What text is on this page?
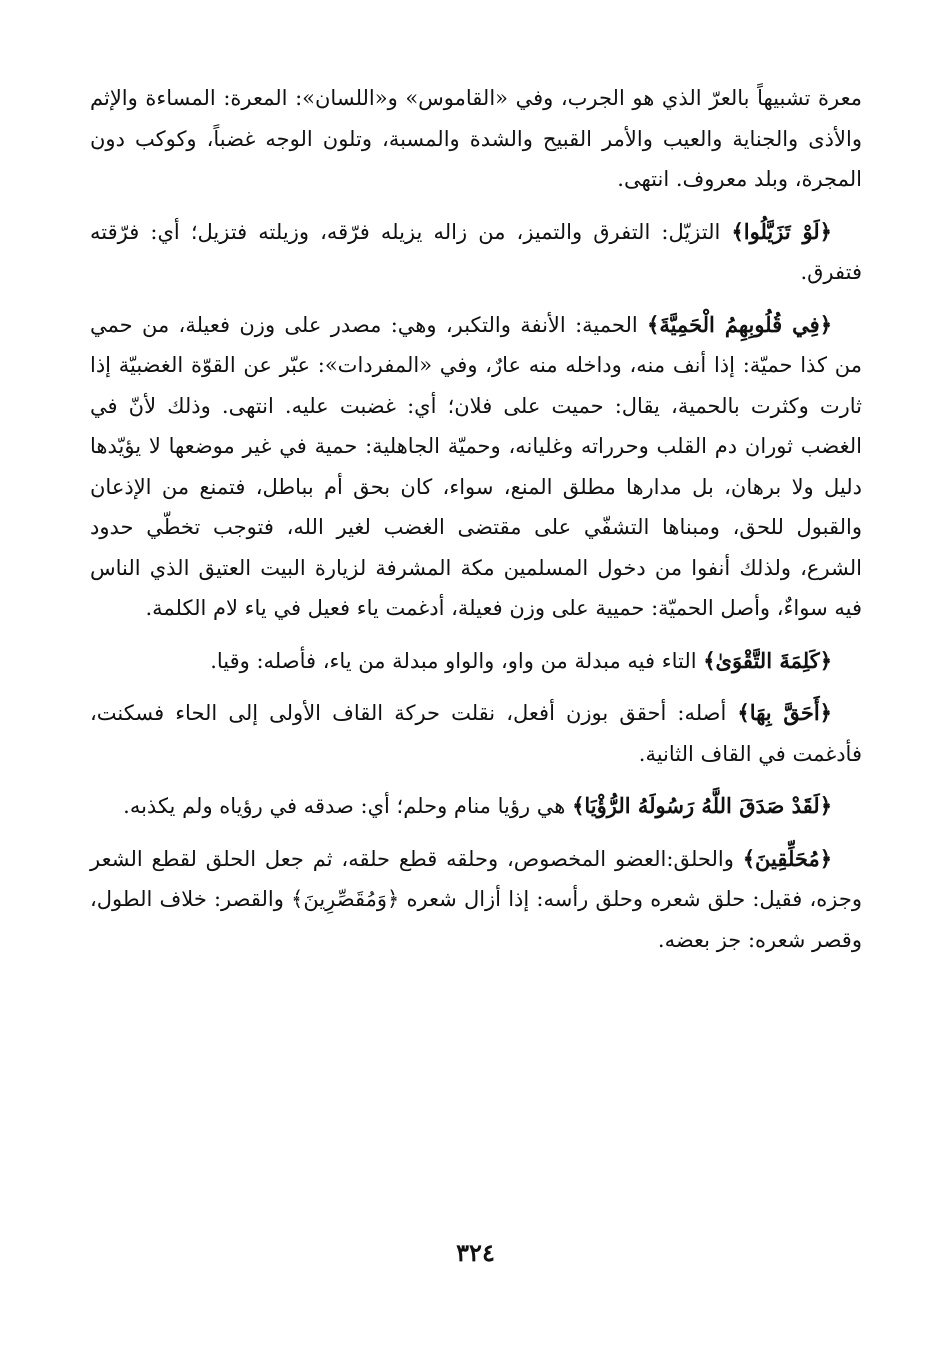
معرة تشبيهاً بالعرّ الذي هو الجرب، وفي «القاموس» و«اللسان»: المعرة: المساءة والإثم والأذى والجناية والعيب والأمر القبيح والشدة والمسبة، وتلون الوجه غضباً، وكوكب دون المجرة، وبلد معروف. انتهى.

﴿لَوْ تَزَيَّلُوا﴾ التزيّل: التفرق والتميز، من زاله يزيله فرّقه، وزيلته فتزيل؛ أي: فرّقته فتفرق.

﴿فِي قُلُوبِهِمُ الْحَمِيَّةَ﴾ الحمية: الأنفة والتكبر، وهي: مصدر على وزن فعيلة، من حمي من كذا حميّة: إذا أنف منه، وداخله منه عارٌ، وفي «المفردات»: عبّر عن القوّة الغضبيّة إذا ثارت وكثرت بالحمية، يقال: حميت على فلان؛ أي: غضبت عليه. انتهى. وذلك لأنّ في الغضب ثوران دم القلب وحرراته وغليانه، وحميّة الجاهلية: حمية في غير موضعها لا يؤيّدها دليل ولا برهان، بل مدارها مطلق المنع، سواء، كان بحق أم بباطل، فتمنع من الإذعان والقبول للحق، ومبناها التشفّي على مقتضى الغضب لغير الله، فتوجب تخطّي حدود الشرع، ولذلك أنفوا من دخول المسلمين مكة المشرفة لزيارة البيت العتيق الذي الناس فيه سواءٌ، وأصل الحميّة: حميية على وزن فعيلة، أدغمت ياء فعيل في ياء لام الكلمة.

﴿كَلِمَةَ التَّقْوَىٰ﴾ التاء فيه مبدلة من واو، والواو مبدلة من ياء، فأصله: وقيا.

﴿أَحَقَّ بِهَا﴾ أصله: أحقق بوزن أفعل، نقلت حركة القاف الأولى إلى الحاء فسكنت، فأدغمت في القاف الثانية.

﴿لَقَدْ صَدَقَ اللَّهُ رَسُولَهُ الرُّؤْيَا﴾ هي رؤيا منام وحلم؛ أي: صدقه في رؤياه ولم يكذبه.

﴿مُحَلِّقِينَ﴾ والحلق:العضو المخصوص، وحلقه قطع حلقه، ثم جعل الحلق لقطع الشعر وجزه، فقيل: حلق شعره وحلق رأسه: إذا أزال شعره ﴿وَمُقَصِّرِينَ﴾ والقصر: خلاف الطول، وقصر شعره: جز بعضه.

٣٢٤
